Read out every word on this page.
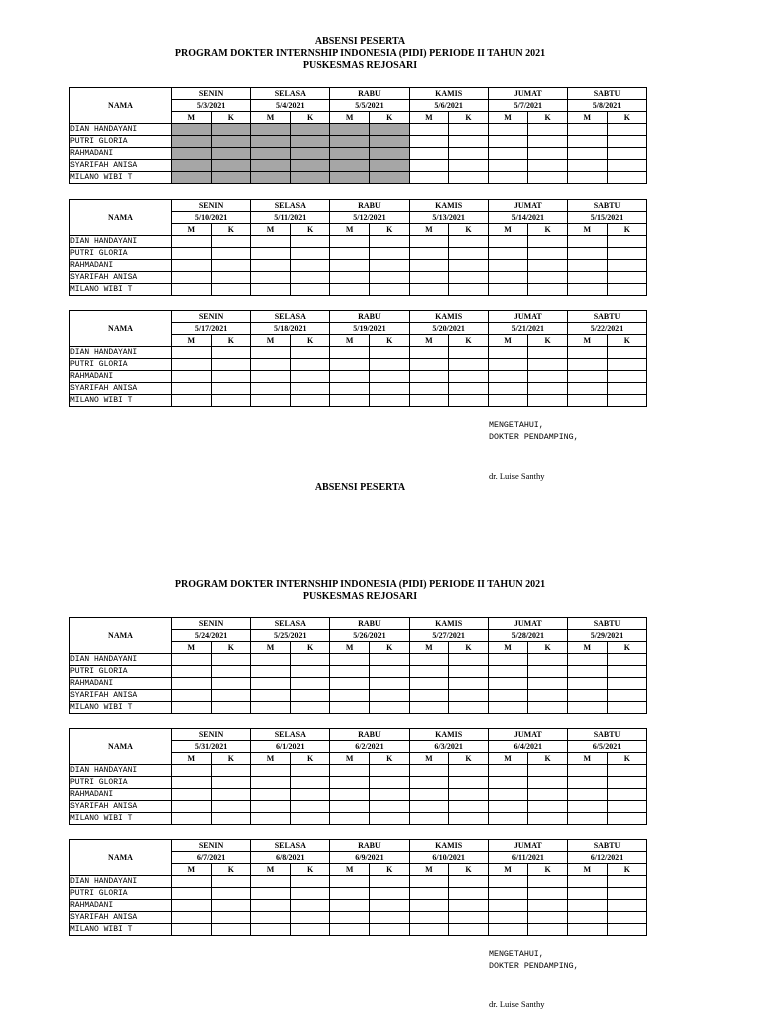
ABSENSI PESERTA
PROGRAM DOKTER INTERNSHIP INDONESIA (PIDI) PERIODE II TAHUN 2021
PUSKESMAS REJOSARI
NAMA	SENIN		SELASA		RABU		KAMIS		JUMAT		SABTU	
	5/3/2021		5/4/2021		5/5/2021		5/6/2021		5/7/2021		5/8/2021	
	M	K	M	K	M	K	M	K	M	K	M	K
DIAN HANDAYANI												
PUTRI GLORIA												
RAHMADANI												
SYARIFAH ANISA												
MILANO WIBI T												
NAMA	SENIN		SELASA		RABU		KAMIS		JUMAT		SABTU	
	5/10/2021		5/11/2021		5/12/2021		5/13/2021		5/14/2021		5/15/2021	
	M	K	M	K	M	K	M	K	M	K	M	K
DIAN HANDAYANI												
PUTRI GLORIA												
RAHMADANI												
SYARIFAH ANISA												
MILANO WIBI T												
NAMA	SENIN		SELASA		RABU		KAMIS		JUMAT		SABTU	
	5/17/2021		5/18/2021		5/19/2021		5/20/2021		5/21/2021		5/22/2021	
	M	K	M	K	M	K	M	K	M	K	M	K
DIAN HANDAYANI												
PUTRI GLORIA												
RAHMADANI												
SYARIFAH ANISA												
MILANO WIBI T												
MENGETAHUI,
DOKTER PENDAMPING,
dr. Luise Santhy
ABSENSI PESERTA
PROGRAM DOKTER INTERNSHIP INDONESIA (PIDI) PERIODE II TAHUN 2021
PUSKESMAS REJOSARI
NAMA	SENIN		SELASA		RABU		KAMIS		JUMAT		SABTU	
	5/24/2021		5/25/2021		5/26/2021		5/27/2021		5/28/2021		5/29/2021	
	M	K	M	K	M	K	M	K	M	K	M	K
DIAN HANDAYANI												
PUTRI GLORIA												
RAHMADANI												
SYARIFAH ANISA												
MILANO WIBI T												
NAMA	SENIN		SELASA		RABU		KAMIS		JUMAT		SABTU	
	5/31/2021		6/1/2021		6/2/2021		6/3/2021		6/4/2021		6/5/2021	
	M	K	M	K	M	K	M	K	M	K	M	K
DIAN HANDAYANI												
PUTRI GLORIA												
RAHMADANI												
SYARIFAH ANISA												
MILANO WIBI T												
NAMA	SENIN		SELASA		RABU		KAMIS		JUMAT		SABTU	
	6/7/2021		6/8/2021		6/9/2021		6/10/2021		6/11/2021		6/12/2021	
	M	K	M	K	M	K	M	K	M	K	M	K
DIAN HANDAYANI												
PUTRI GLORIA												
RAHMADANI												
SYARIFAH ANISA												
MILANO WIBI T												
MENGETAHUI,
DOKTER PENDAMPING,
dr. Luise Santhy
